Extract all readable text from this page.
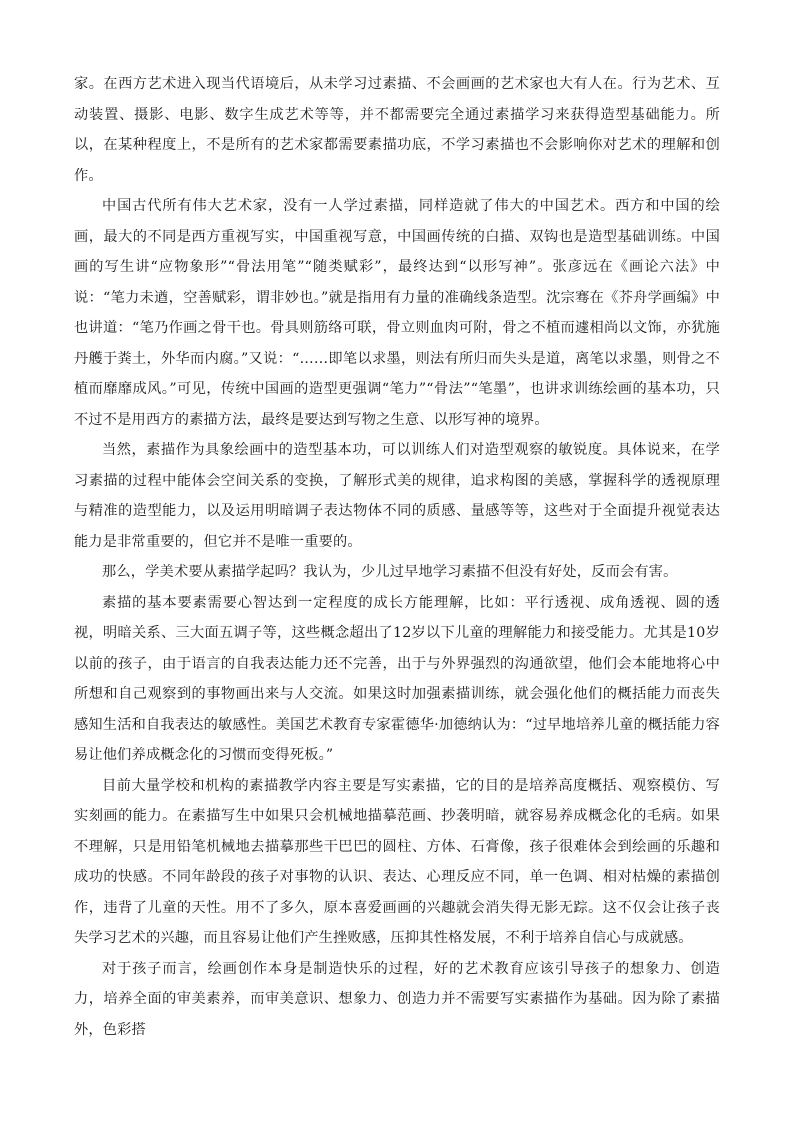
家。在西方艺术进入现当代语境后，从未学习过素描、不会画画的艺术家也大有人在。行为艺术、互动装置、摄影、电影、数字生成艺术等等，并不都需要完全通过素描学习来获得造型基础能力。所以，在某种程度上，不是所有的艺术家都需要素描功底，不学习素描也不会影响你对艺术的理解和创作。

中国古代所有伟大艺术家，没有一人学过素描，同样造就了伟大的中国艺术。西方和中国的绘画，最大的不同是西方重视写实，中国重视写意，中国画传统的白描、双钩也是造型基础训练。中国画的写生讲“应物象形”“骨法用笔”“随类赋彩”，最终达到“以形写神”。张彦远在《画论六法》中说：“笔力未遒，空善赋彩，谓非妙也。”就是指用有力量的准确线条造型。沈宗骞在《芥舟学画编》中也讲道：“笔乃作画之骨干也。骨具则筋络可联，骨立则血肉可附，骨之不植而遽相尚以文饰，亦犹施丹艧于粪土，外华而内腐。”又说：“……即笔以求墨，则法有所归而失头是道，离笔以求墨，则骨之不植而靡靡成风。”可见，传统中国画的造型更强调“笔力”“骨法”“笔墨”，也讲求训练绘画的基本功，只不过不是用西方的素描方法，最终是要达到写物之生意、以形写神的境界。

当然，素描作为具象绘画中的造型基本功，可以训练人们对造型观察的敏锐度。具体说来，在学习素描的过程中能体会空间关系的变换，了解形式美的规律，追求构图的美感，掌握科学的透视原理与精准的造型能力，以及运用明暗调子表达物体不同的质感、量感等等，这些对于全面提升视觉表达能力是非常重要的，但它并不是唯一重要的。

那么，学美术要从素描学起吗？我认为，少儿过早地学习素描不但没有好处，反而会有害。

素描的基本要素需要心智达到一定程度的成长方能理解，比如：平行透视、成角透视、圆的透视，明暗关系、三大面五调子等，这些概念超出了12岁以下儿童的理解能力和接受能力。尤其是10岁以前的孩子，由于语言的自我表达能力还不完善，出于与外界强烈的沟通欲望，他们会本能地将心中所想和自己观察到的事物画出来与人交流。如果这时加强素描训练，就会强化他们的概括能力而丧失感知生活和自我表达的敏感性。美国艺术教育专家霍德华·加德纳认为：“过早地培养儿童的概括能力容易让他们养成概念化的习惯而变得死板。”

目前大量学校和机构的素描教学内容主要是写实素描，它的目的是培养高度概括、观察模仿、写实刻画的能力。在素描写生中如果只会机械地描摹范画、抄袭明暗，就容易养成概念化的毛病。如果不理解，只是用铅笔机械地去描摹那些干巴巴的圆柱、方体、石膏像，孩子很难体会到绘画的乐趣和成功的快感。不同年龄段的孩子对事物的认识、表达、心理反应不同，单一色调、相对枯燥的素描创作，违背了儿童的天性。用不了多久，原本喜爱画画的兴趣就会消失得无影无踪。这不仅会让孩子丧失学习艺术的兴趣，而且容易让他们产生挫败感，压抑其性格发展，不利于培养自信心与成就感。

对于孩子而言，绘画创作本身是制造快乐的过程，好的艺术教育应该引导孩子的想象力、创造力，培养全面的审美素养，而审美意识、想象力、创造力并不需要写实素描作为基础。因为除了素描外，色彩搭
